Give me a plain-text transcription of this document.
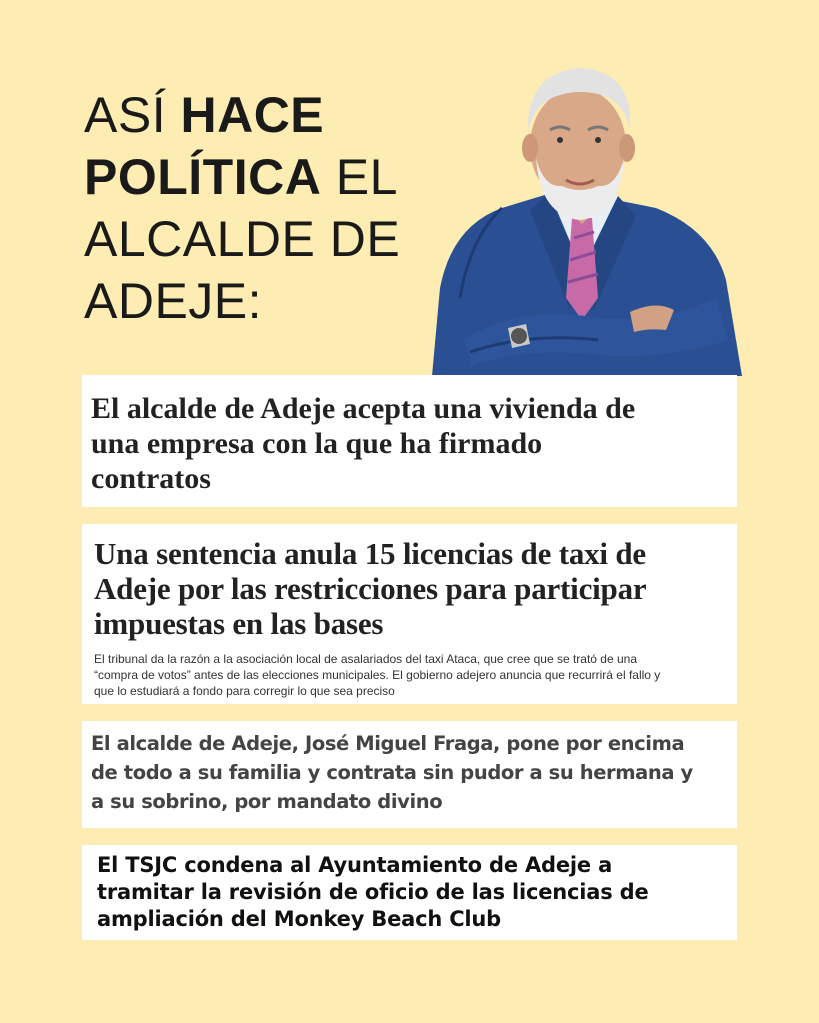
ASÍ HACE
POLÍTICA EL
ALCALDE DE
ADEJE:
El alcalde de Adeje acepta una vivienda de
una empresa con la que ha firmado
contratos
Una sentencia anula 15 licencias de taxi de
Adeje por las restricciones para participar
impuestas en las bases
El tribunal da la razón a la asociación local de asalariados del taxi Ataca, que cree que se trató de una
“compra de votos” antes de las elecciones municipales. El gobierno adejero anuncia que recurrirá el fallo y
que lo estudiará a fondo para corregir lo que sea preciso
El alcalde de Adeje, José Miguel Fraga, pone por encima
de todo a su familia y contrata sin pudor a su hermana y
a su sobrino, por mandato divino
El TSJC condena al Ayuntamiento de Adeje a
tramitar la revisión de oficio de las licencias de
ampliación del Monkey Beach Club
